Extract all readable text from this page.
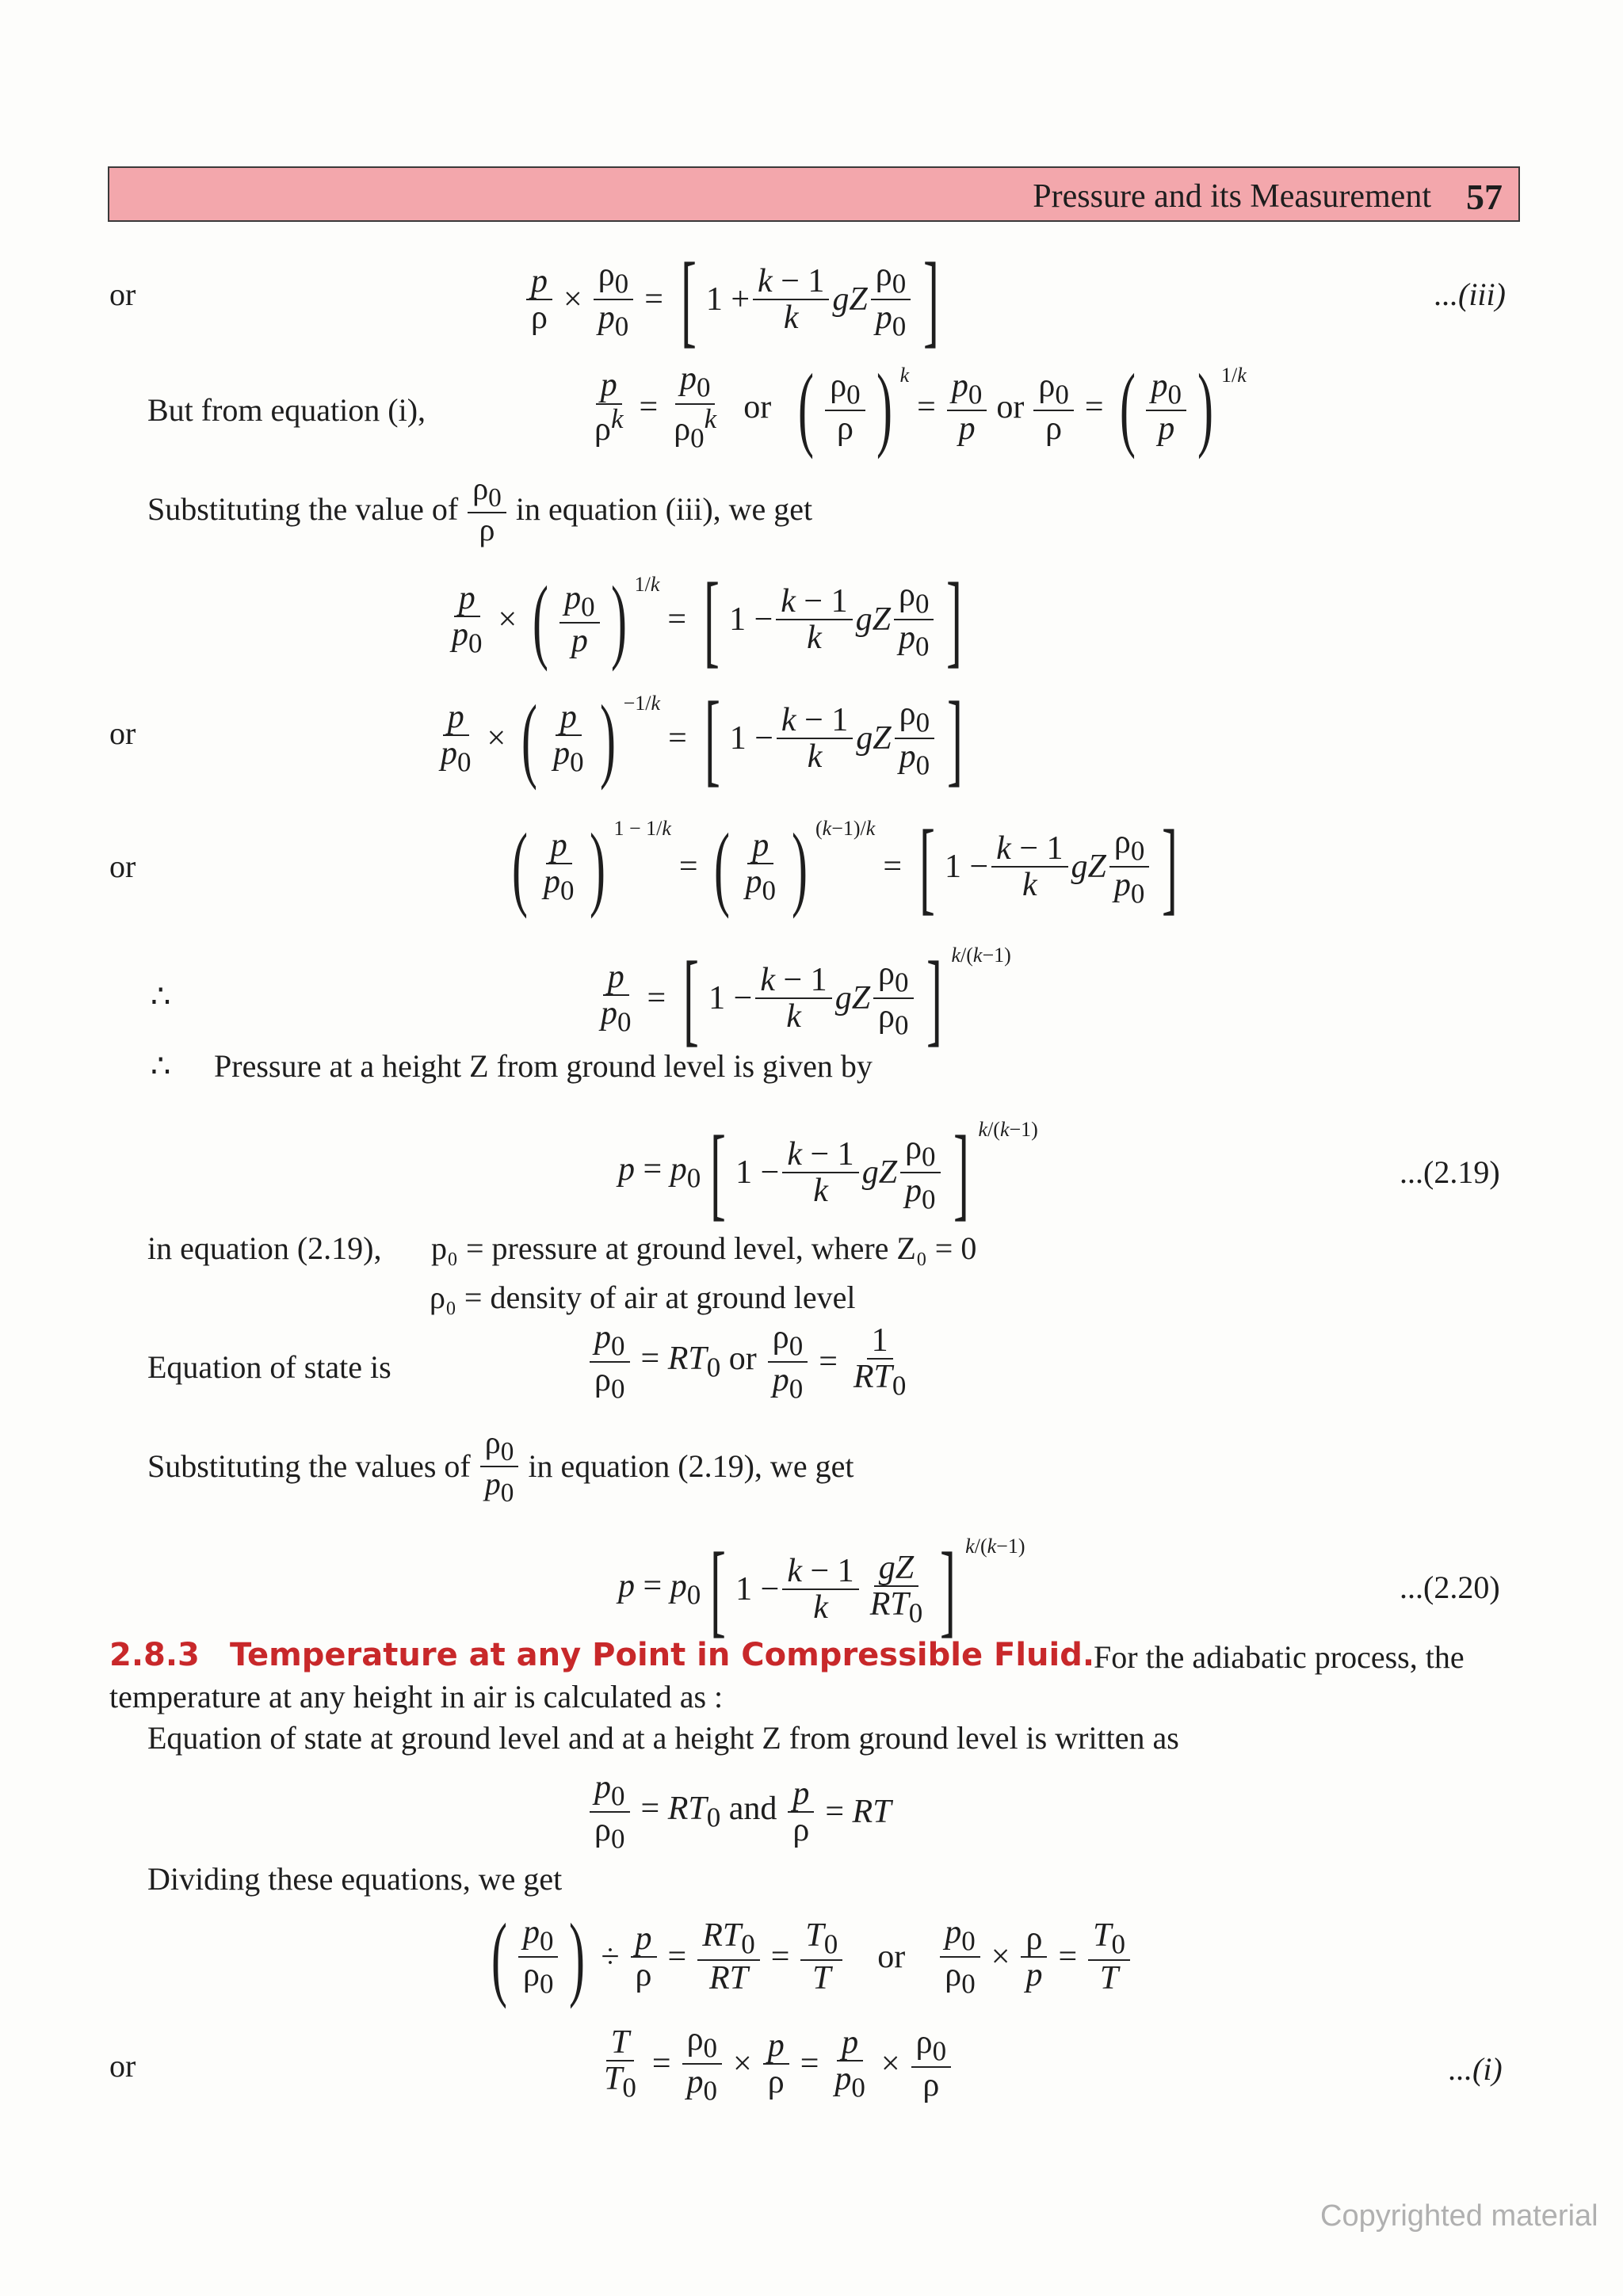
Pressure and its Measurement 57
or	$\frac{p}{\rho} \times \frac{\rho_0}{p_0}$ = [ $1 + \frac{k - 1}{k}$ gZ
$\rho_0$
$p_0$ ]	...(iii)
But from equation (i),	$\frac{p}{\rho^k} = \frac{p_0}{\rho_0^k}$ or ( $\rho_0$
ρ ) k
= $\frac{p_0}{p}$ or $\frac{\rho_0}{\rho}$ = ( $p_0$
p ) 1/k
Substituting the value of
$\rho_0$
ρ
in equation (iii), we get
$\frac{p}{p_0}$ × ( $p_0$
p ) 1/k
= [ $1 - \frac{k - 1}{k}$ gZ
$\rho_0$
$p_0$ ]
or	$\frac{p}{p_0}$ × ( p
$p_0$ ) −1/k
= [ $1 - \frac{k - 1}{k}$ gZ
$\rho_0$
$p_0$ ]
or	( p
$p_0$ ) 1 − 1/k
= ( p
$p_0$ ) (k−1)/k
= [ $1 - \frac{k - 1}{k}$ gZ
$\rho_0$
$p_0$ ]
∴	$\frac{p}{p_0}$ = [ $1 - \frac{k - 1}{k}$ gZ
$\rho_0$
$\rho_0$ ] k/(k−1)
∴ Pressure at a height Z from ground level is given by
$p = p_0$ [ $1 - \frac{k - 1}{k}$ gZ
$\rho_0$
$p_0$ ] k/(k−1)
...(2.19)
in equation (2.19), p₀ = pressure at ground level, where Z₀ = 0
ρ₀ = density of air at ground level
Equation of state is	$\frac{p_0}{\rho_0} = RT_0$ or $\frac{\rho_0}{p_0} = \frac{1}{RT_0}$
Substituting the values of
$\rho_0$
$p_0$
in equation (2.19), we get
$p = p_0$ [ $1 - \frac{k - 1}{k}$ gZ
$RT_0$ ] k/(k−1)
...(2.20)
2.8.3 Temperature at any Point in Compressible Fluid.
For the adiabatic process, the
temperature at any height in air is calculated as :
Equation of state at ground level and at a height Z from ground level is written as
$\frac{p_0}{\rho_0} = RT_0$ and $\frac{p}{\rho}$ = RT
Dividing these equations, we get
( $p_0$
$\rho_0$ ) ÷ $\frac{p}{\rho} = \frac{RT_0}{RT} = \frac{T_0}{T}$ or $\frac{p_0}{\rho_0} \times \frac{\rho}{p} = \frac{T_0}{T}$
or	$\frac{T}{T_0} = \frac{\rho_0}{p_0} \times \frac{p}{\rho} = \frac{p}{p_0} \times \frac{\rho_0}{\rho}$	...(i)
Copyrighted material
